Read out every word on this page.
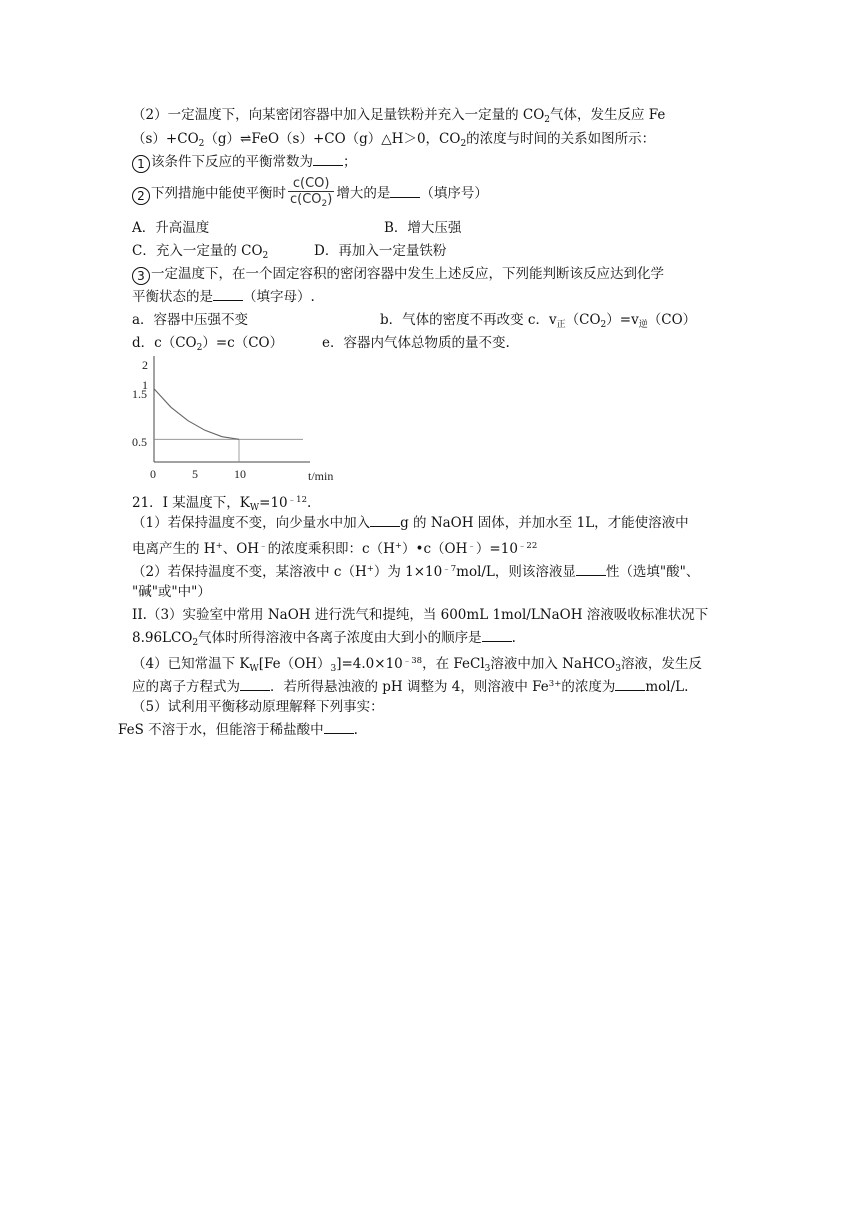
（2）一定温度下，向某密闭容器中加入足量铁粉并充入一定量的 $CO_2$气体，发生反应 Fe
$(s)+CO_2(g)\rightleftharpoons FeO(s)+CO(g)\triangle H>0$，$CO_2$的浓度与时间的关系如图所示：
1 该条件下反应的平衡常数为 ；
2 下列措施中能使平衡时 $\frac{c(CO)}{c(CO_2)}$ 增大的是 （填序号）
A．升高温度	B．增大压强
C．充入一定量的 $CO_2$	D．再加入一定量铁粉
3 一定温度下，在一个固定容积的密闭容器中发生上述反应，下列能判断该反应达到化学
平衡状态的是 （填字母）.
a．容器中压强不变	b．气体的密度不再改变 c．$v_正(CO_2)=v_逆(CO)$
d．$c(CO_2)=c(CO)$	e．容器内气体总物质的量不变.
2
1
1.5
0.5
0	5	10	t/min
21．I 某温度下，$K_W=10^{﹣12}$.
（1）若保持温度不变，向少量水中加入 g 的 NaOH 固体，并加水至 1L，才能使溶液中
电离产生的 H+、OH﹣的浓度乘积即：$c(H^+)•c(OH^﹣)=10^{﹣22}$
（2）若保持温度不变，某溶液中 c（H+）为 $1\times 10^{﹣7}mol/L$，则该溶液显 性（选填"酸"、
"碱"或"中"）
II.（3）实验室中常用 NaOH 进行洗气和提纯，当 600mL 1mol/LNaOH 溶液吸收标准状况下
$8.96LCO_2$气体时所得溶液中各离子浓度由大到小的顺序是 .
（4）已知常温下 $K_W[Fe(OH)_3]=4.0\times 10^{﹣38}$，在 FeCl$_3$溶液中加入 NaHCO$_3$溶液，发生反
应的离子方程式为 ．若所得悬浊液的 pH 调整为 4，则溶液中 $Fe^{3+}$的浓度为 mol/L.
（5）试利用平衡移动原理解释下列事实：
FeS 不溶于水，但能溶于稀盐酸中 .
